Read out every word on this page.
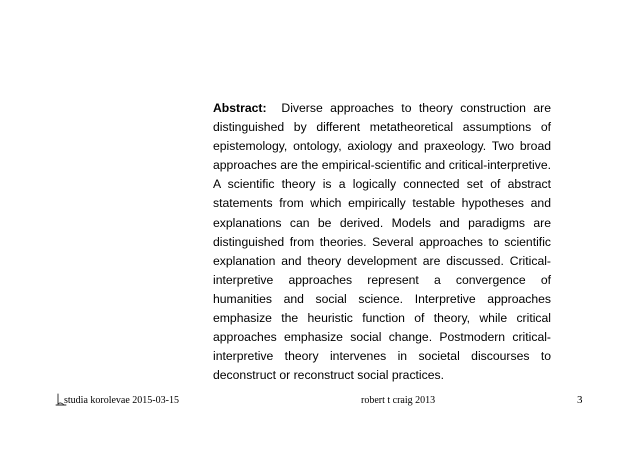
Abstract: Diverse approaches to theory construction are distinguished by different metatheoretical assumptions of epistemology, ontology, axiology and praxeology. Two broad approaches are the empirical-scientific and critical-interpretive. A scientific theory is a logically connected set of abstract statements from which empirically testable hypotheses and explanations can be derived. Models and paradigms are distinguished from theories. Several approaches to scientific explanation and theory development are discussed. Critical-interpretive approaches represent a convergence of humanities and social science. Interpretive approaches emphasize the heuristic function of theory, while critical approaches emphasize social change. Postmodern critical-interpretive theory intervenes in societal discourses to deconstruct or reconstruct social practices.

studia korolevae 2015-03-15	robert t craig 2013	3
